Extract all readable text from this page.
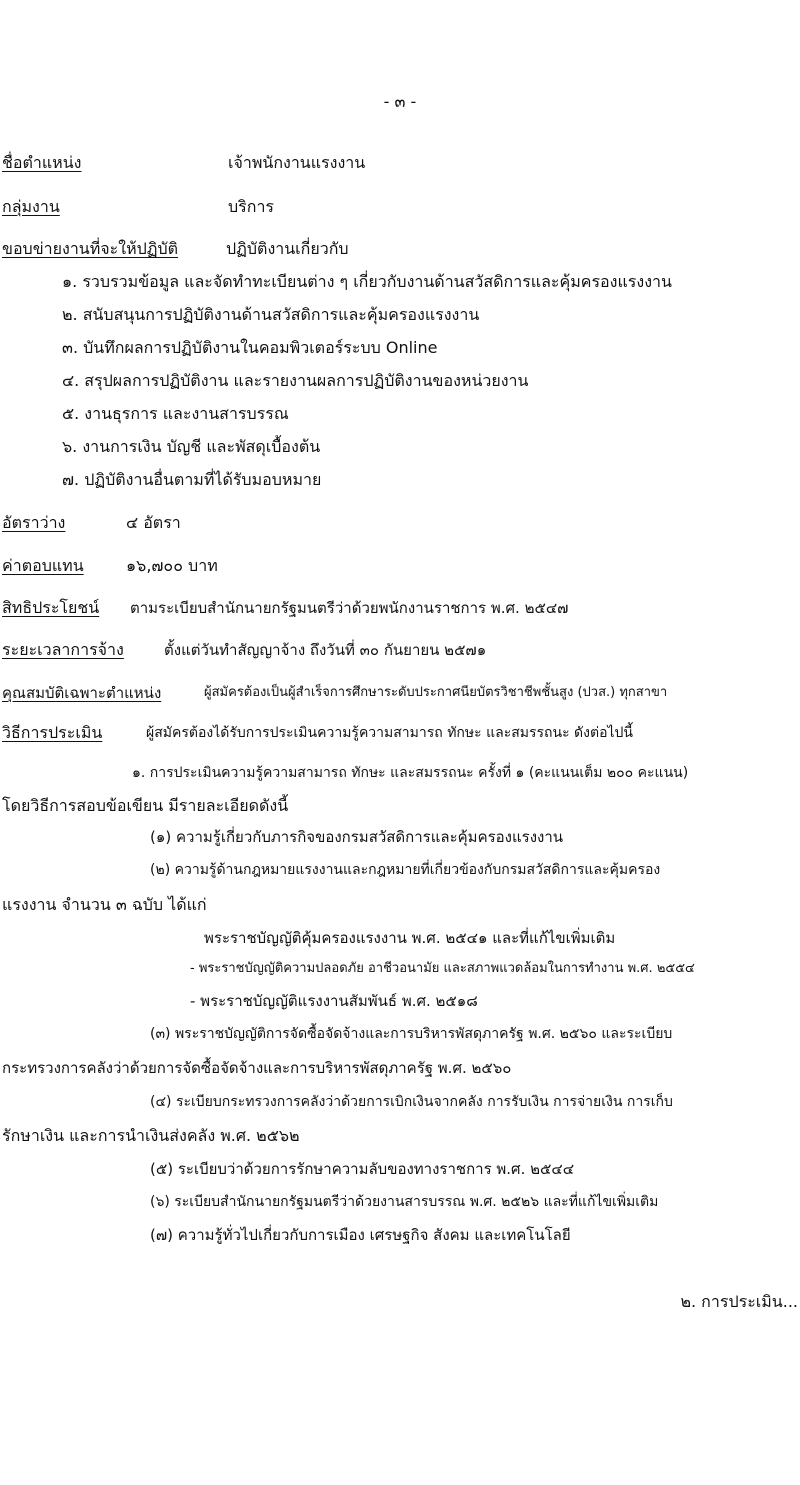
- ๓ -
ชื่อตำแหน่ง	เจ้าพนักงานแรงงาน
กลุ่มงาน	บริการ
ขอบข่ายงานที่จะให้ปฏิบัติ	ปฏิบัติงานเกี่ยวกับ
๑. รวบรวมข้อมูล และจัดทำทะเบียนต่าง ๆ เกี่ยวกับงานด้านสวัสดิการและคุ้มครองแรงงาน
๒. สนับสนุนการปฏิบัติงานด้านสวัสดิการและคุ้มครองแรงงาน
๓. บันทึกผลการปฏิบัติงานในคอมพิวเตอร์ระบบ Online
๔. สรุปผลการปฏิบัติงาน และรายงานผลการปฏิบัติงานของหน่วยงาน
๕. งานธุรการ และงานสารบรรณ
๖. งานการเงิน บัญชี และพัสดุเบื้องต้น
๗. ปฏิบัติงานอื่นตามที่ได้รับมอบหมาย
อัตราว่าง	๔ อัตรา
ค่าตอบแทน	๑๖,๗๐๐ บาท
สิทธิประโยชน์ ตามระเบียบสำนักนายกรัฐมนตรีว่าด้วยพนักงานราชการ พ.ศ. ๒๕๔๗
ระยะเวลาการจ้าง	ตั้งแต่วันทำสัญญาจ้าง ถึงวันที่ ๓๐ กันยายน ๒๕๗๑
คุณสมบัติเฉพาะตำแหน่ง	ผู้สมัครต้องเป็นผู้สำเร็จการศึกษาระดับประกาศนียบัตรวิชาชีพชั้นสูง (ปวส.) ทุกสาขา
วิธีการประเมิน	ผู้สมัครต้องได้รับการประเมินความรู้ความสามารถ ทักษะ และสมรรถนะ ดังต่อไปนี้
๑. การประเมินความรู้ความสามารถ ทักษะ และสมรรถนะ ครั้งที่ ๑ (คะแนนเต็ม ๒๐๐ คะแนน)
โดยวิธีการสอบข้อเขียน มีรายละเอียดดังนี้
(๑) ความรู้เกี่ยวกับภารกิจของกรมสวัสดิการและคุ้มครองแรงงาน
(๒) ความรู้ด้านกฎหมายแรงงานและกฎหมายที่เกี่ยวข้องกับกรมสวัสดิการและคุ้มครอง
แรงงาน จำนวน ๓ ฉบับ ได้แก่
พระราชบัญญัติคุ้มครองแรงงาน พ.ศ. ๒๕๔๑ และที่แก้ไขเพิ่มเติม
- พระราชบัญญัติความปลอดภัย อาชีวอนามัย และสภาพแวดล้อมในการทำงาน พ.ศ. ๒๕๕๔
- พระราชบัญญัติแรงงานสัมพันธ์ พ.ศ. ๒๕๑๘
(๓) พระราชบัญญัติการจัดซื้อจัดจ้างและการบริหารพัสดุภาครัฐ พ.ศ. ๒๕๖๐ และระเบียบ
กระทรวงการคลังว่าด้วยการจัดซื้อจัดจ้างและการบริหารพัสดุภาครัฐ พ.ศ. ๒๕๖๐
(๔) ระเบียบกระทรวงการคลังว่าด้วยการเบิกเงินจากคลัง การรับเงิน การจ่ายเงิน การเก็บ
รักษาเงิน และการนำเงินส่งคลัง พ.ศ. ๒๕๖๒
(๕) ระเบียบว่าด้วยการรักษาความลับของทางราชการ พ.ศ. ๒๕๔๔
(๖) ระเบียบสำนักนายกรัฐมนตรีว่าด้วยงานสารบรรณ พ.ศ. ๒๕๒๖ และที่แก้ไขเพิ่มเติม
(๗) ความรู้ทั่วไปเกี่ยวกับการเมือง เศรษฐกิจ สังคม และเทคโนโลยี
๒. การประเมิน...
